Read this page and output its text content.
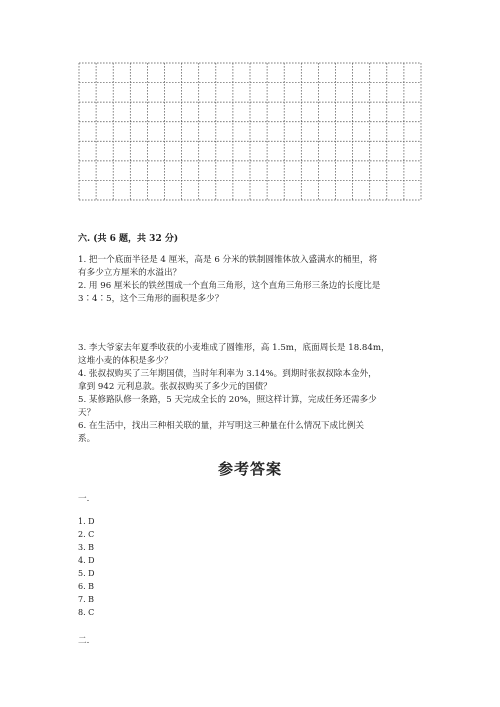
六. (共 6 题，共 32 分)
1. 把一个底面半径是 4 厘米，高是 6 分米的铁制圆锥体放入盛满水的桶里，将
有多少立方厘米的水溢出？
2. 用 96 厘米长的铁丝围成一个直角三角形，这个直角三角形三条边的长度比是
3∶4∶5，这个三角形的面积是多少？
3. 李大爷家去年夏季收获的小麦堆成了圆锥形，高 1.5m，底面周长是 18.84m，
这堆小麦的体积是多少？
4. 张叔叔购买了三年期国债，当时年利率为 3.14%。到期时张叔叔除本金外，
拿到 942 元利息款。张叔叔购买了多少元的国债？
5. 某修路队修一条路，5 天完成全长的 20%，照这样计算，完成任务还需多少
天？
6. 在生活中，找出三种相关联的量，并写明这三种量在什么情况下成比例关
系。
参考答案
一.
1. D
2. C
3. B
4. D
5. D
6. B
7. B
8. C
二.
